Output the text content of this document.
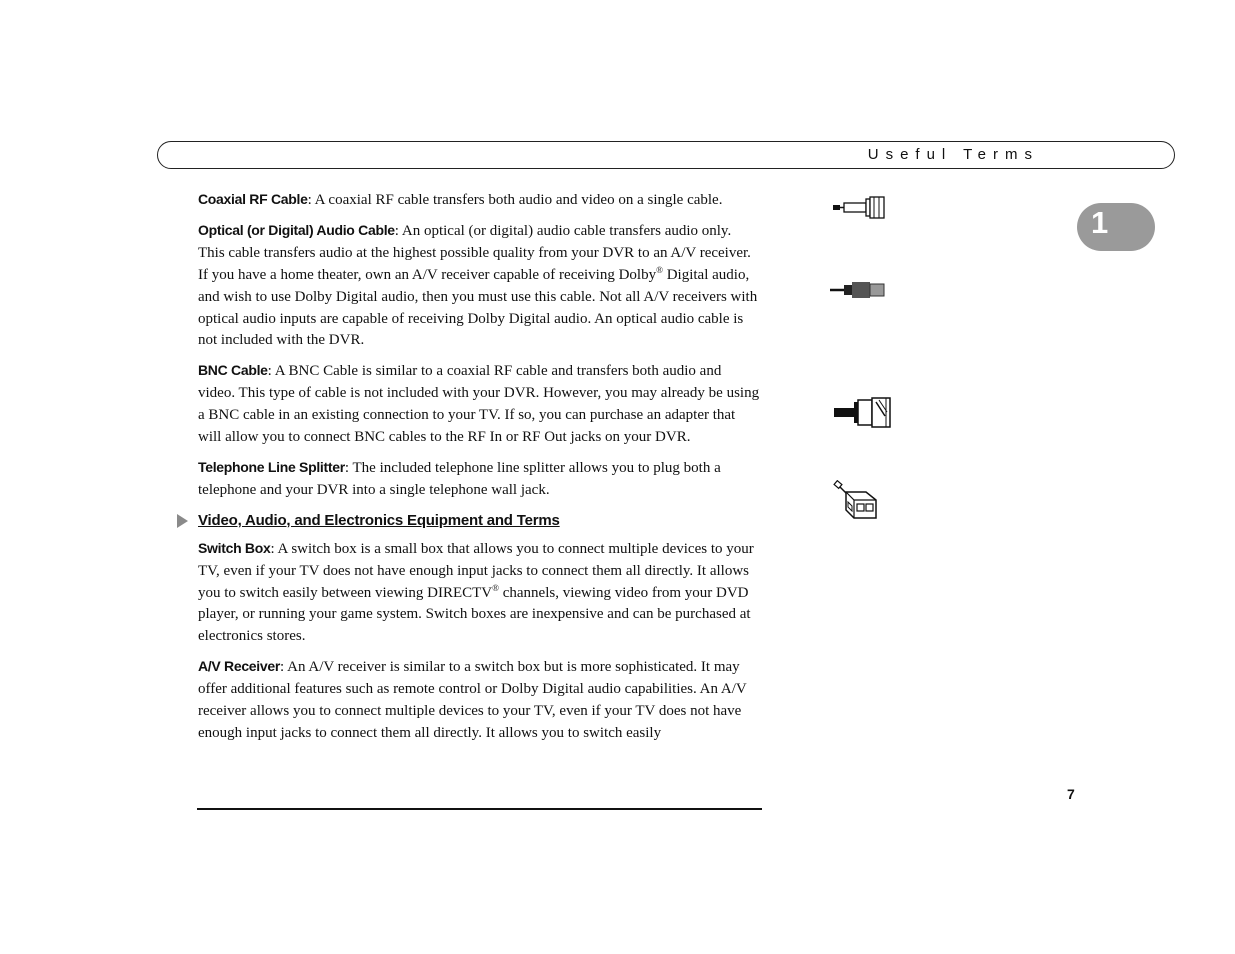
Useful Terms
1

Coaxial RF Cable: A coaxial RF cable transfers both audio and video on a single cable.

Optical (or Digital) Audio Cable: An optical (or digital) audio cable transfers audio only. This cable transfers audio at the highest possible quality from your DVR to an A/V receiver. If you have a home theater, own an A/V receiver capable of receiving Dolby® Digital audio, and wish to use Dolby Digital audio, then you must use this cable. Not all A/V receivers with optical audio inputs are capable of receiving Dolby Digital audio. An optical audio cable is not included with the DVR.

BNC Cable: A BNC Cable is similar to a coaxial RF cable and transfers both audio and video. This type of cable is not included with your DVR. However, you may already be using a BNC cable in an existing connection to your TV. If so, you can purchase an adapter that will allow you to connect BNC cables to the RF In or RF Out jacks on your DVR.

Telephone Line Splitter: The included telephone line splitter allows you to plug both a telephone and your DVR into a single telephone wall jack.

Video, Audio, and Electronics Equipment and Terms

Switch Box: A switch box is a small box that allows you to connect multiple devices to your TV, even if your TV does not have enough input jacks to connect them all directly. It allows you to switch easily between viewing DIRECTV® channels, viewing video from your DVD player, or running your game system. Switch boxes are inexpensive and can be purchased at electronics stores.

A/V Receiver: An A/V receiver is similar to a switch box but is more sophisticated. It may offer additional features such as remote control or Dolby Digital audio capabilities. An A/V receiver allows you to connect multiple devices to your TV, even if your TV does not have enough input jacks to connect them all directly. It allows you to switch easily

7
